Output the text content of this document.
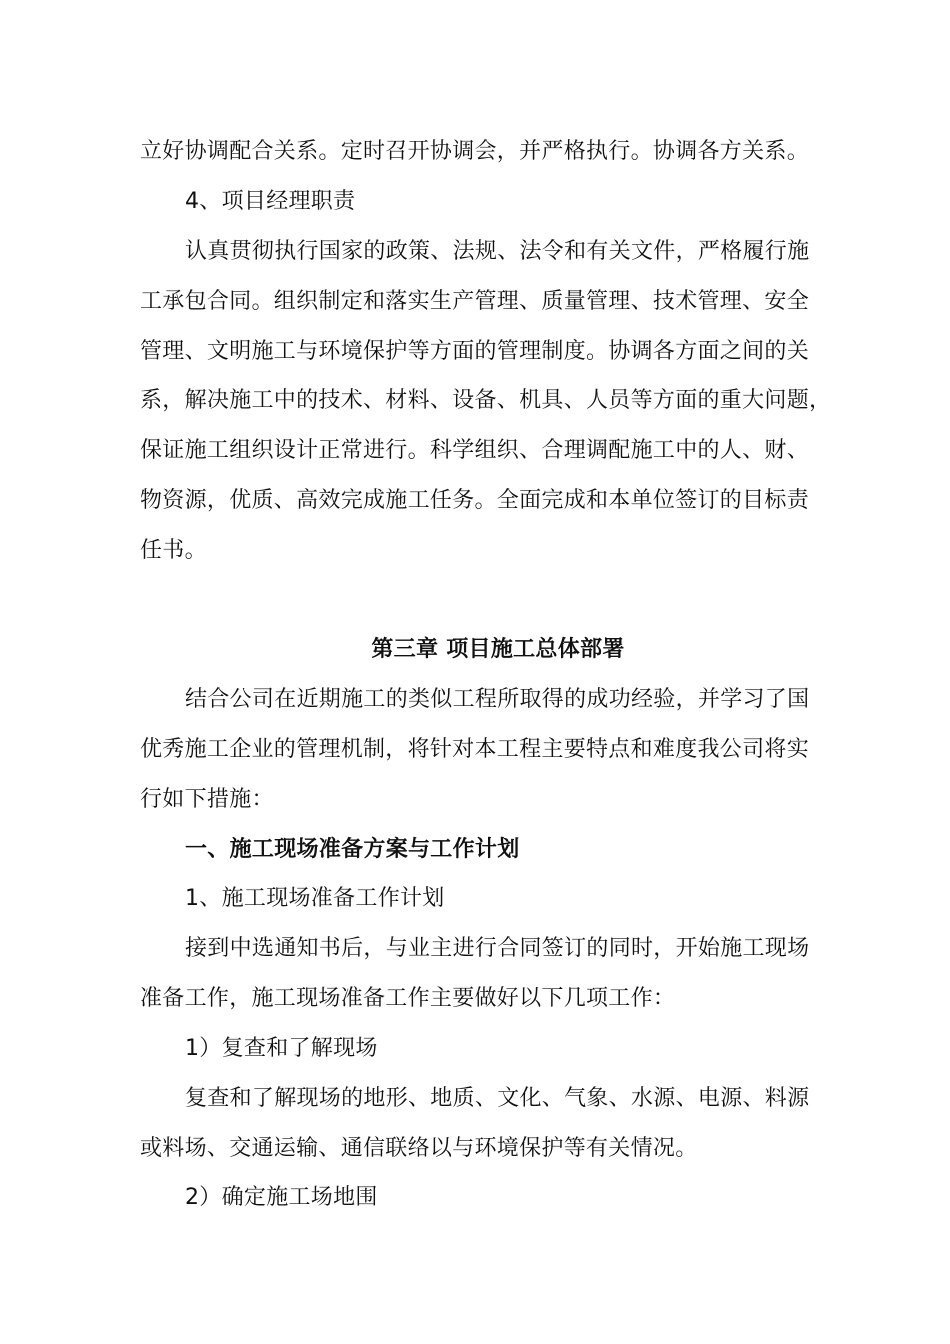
立好协调配合关系。定时召开协调会，并严格执行。协调各方关系。
4、项目经理职责
认真贯彻执行国家的政策、法规、法令和有关文件，严格履行施
工承包合同。组织制定和落实生产管理、质量管理、技术管理、安全
管理、文明施工与环境保护等方面的管理制度。协调各方面之间的关
系，解决施工中的技术、材料、设备、机具、人员等方面的重大问题，
保证施工组织设计正常进行。科学组织、合理调配施工中的人、财、
物资源，优质、高效完成施工任务。全面完成和本单位签订的目标责
任书。
第三章 项目施工总体部署
结合公司在近期施工的类似工程所取得的成功经验，并学习了国
优秀施工企业的管理机制，将针对本工程主要特点和难度我公司将实
行如下措施：
一、施工现场准备方案与工作计划
1、施工现场准备工作计划
接到中选通知书后，与业主进行合同签订的同时，开始施工现场
准备工作，施工现场准备工作主要做好以下几项工作：
1）复查和了解现场
复查和了解现场的地形、地质、文化、气象、水源、电源、料源
或料场、交通运输、通信联络以与环境保护等有关情况。
2）确定施工场地围
